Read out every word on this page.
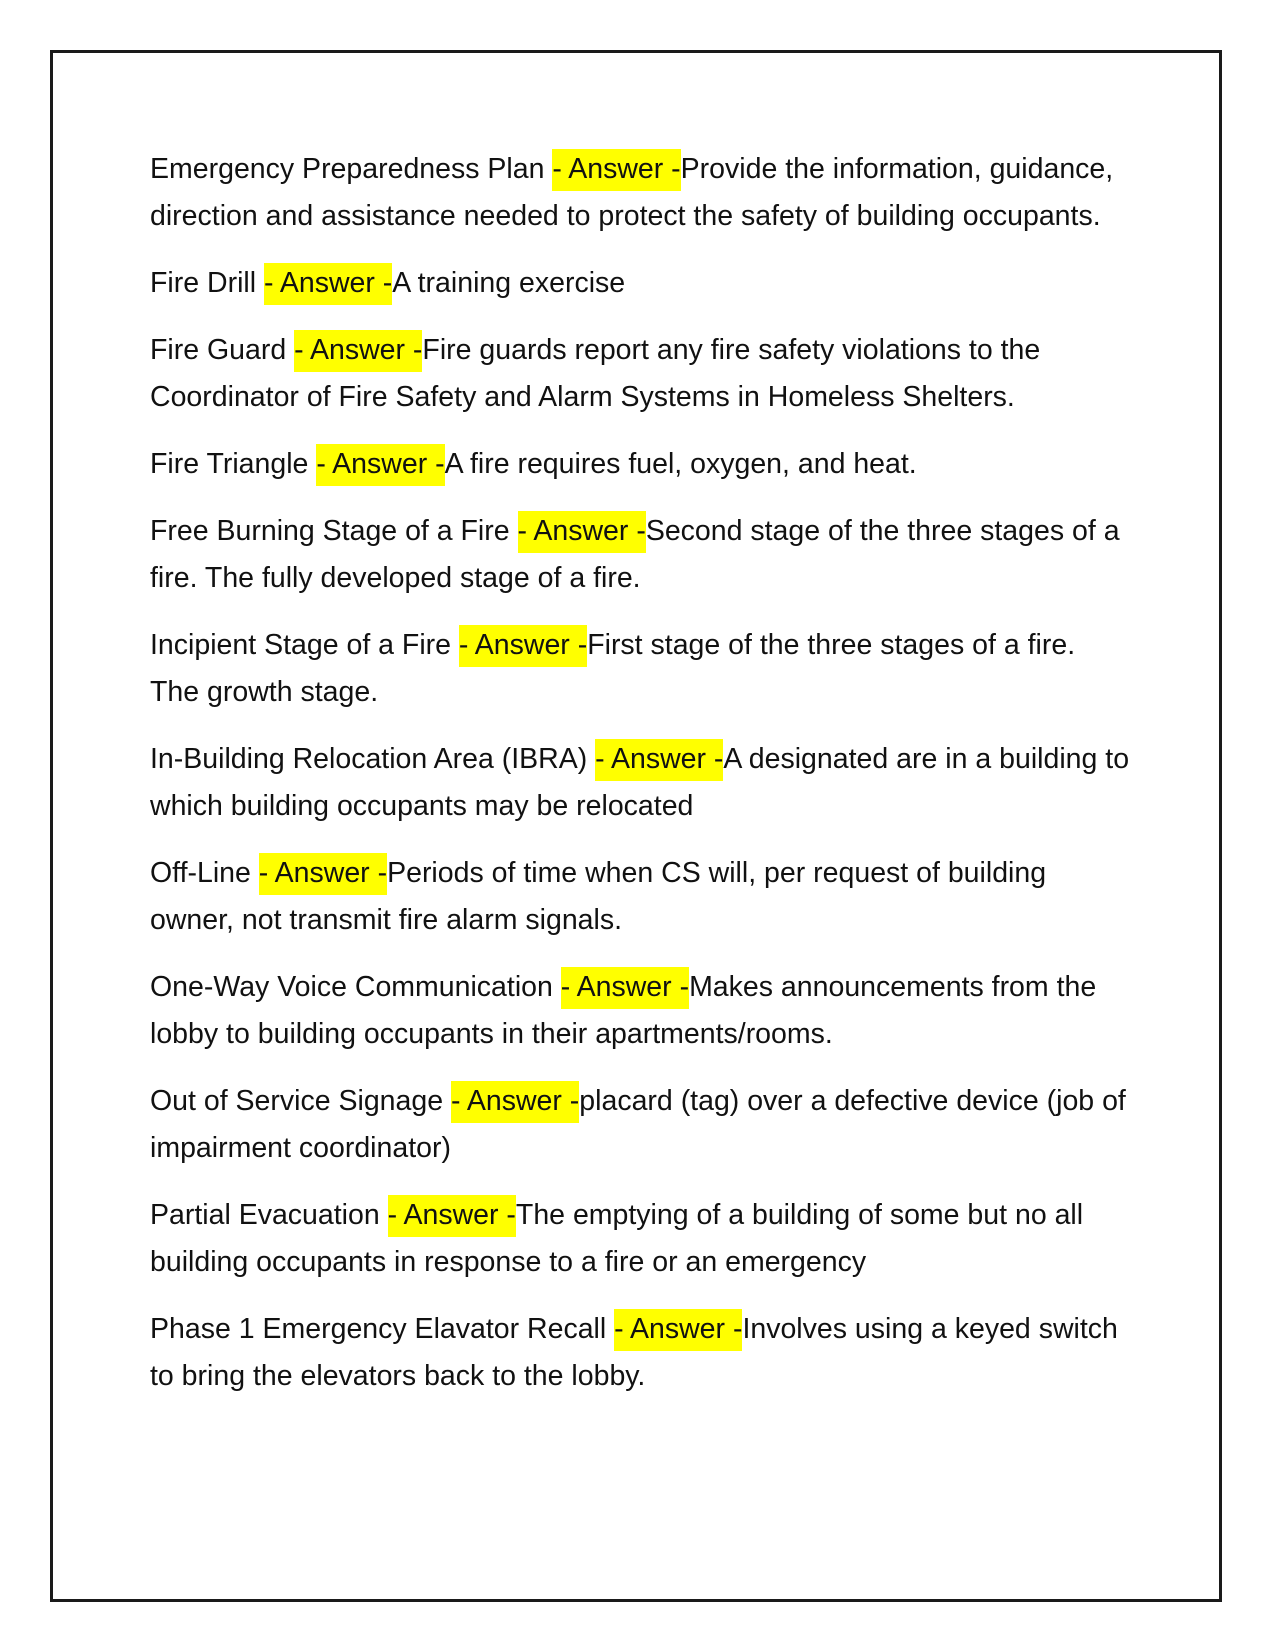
Emergency Preparedness Plan - Answer -Provide the information, guidance, direction and assistance needed to protect the safety of building occupants.

Fire Drill - Answer -A training exercise

Fire Guard - Answer -Fire guards report any fire safety violations to the Coordinator of Fire Safety and Alarm Systems in Homeless Shelters.

Fire Triangle - Answer -A fire requires fuel, oxygen, and heat.

Free Burning Stage of a Fire - Answer -Second stage of the three stages of a fire. The fully developed stage of a fire.

Incipient Stage of a Fire - Answer -First stage of the three stages of a fire. The growth stage.

In-Building Relocation Area (IBRA) - Answer -A designated are in a building to which building occupants may be relocated

Off-Line - Answer -Periods of time when CS will, per request of building owner, not transmit fire alarm signals.

One-Way Voice Communication - Answer -Makes announcements from the lobby to building occupants in their apartments/rooms.

Out of Service Signage - Answer -placard (tag) over a defective device (job of impairment coordinator)

Partial Evacuation - Answer -The emptying of a building of some but no all building occupants in response to a fire or an emergency

Phase 1 Emergency Elavator Recall - Answer -Involves using a keyed switch to bring the elevators back to the lobby.
